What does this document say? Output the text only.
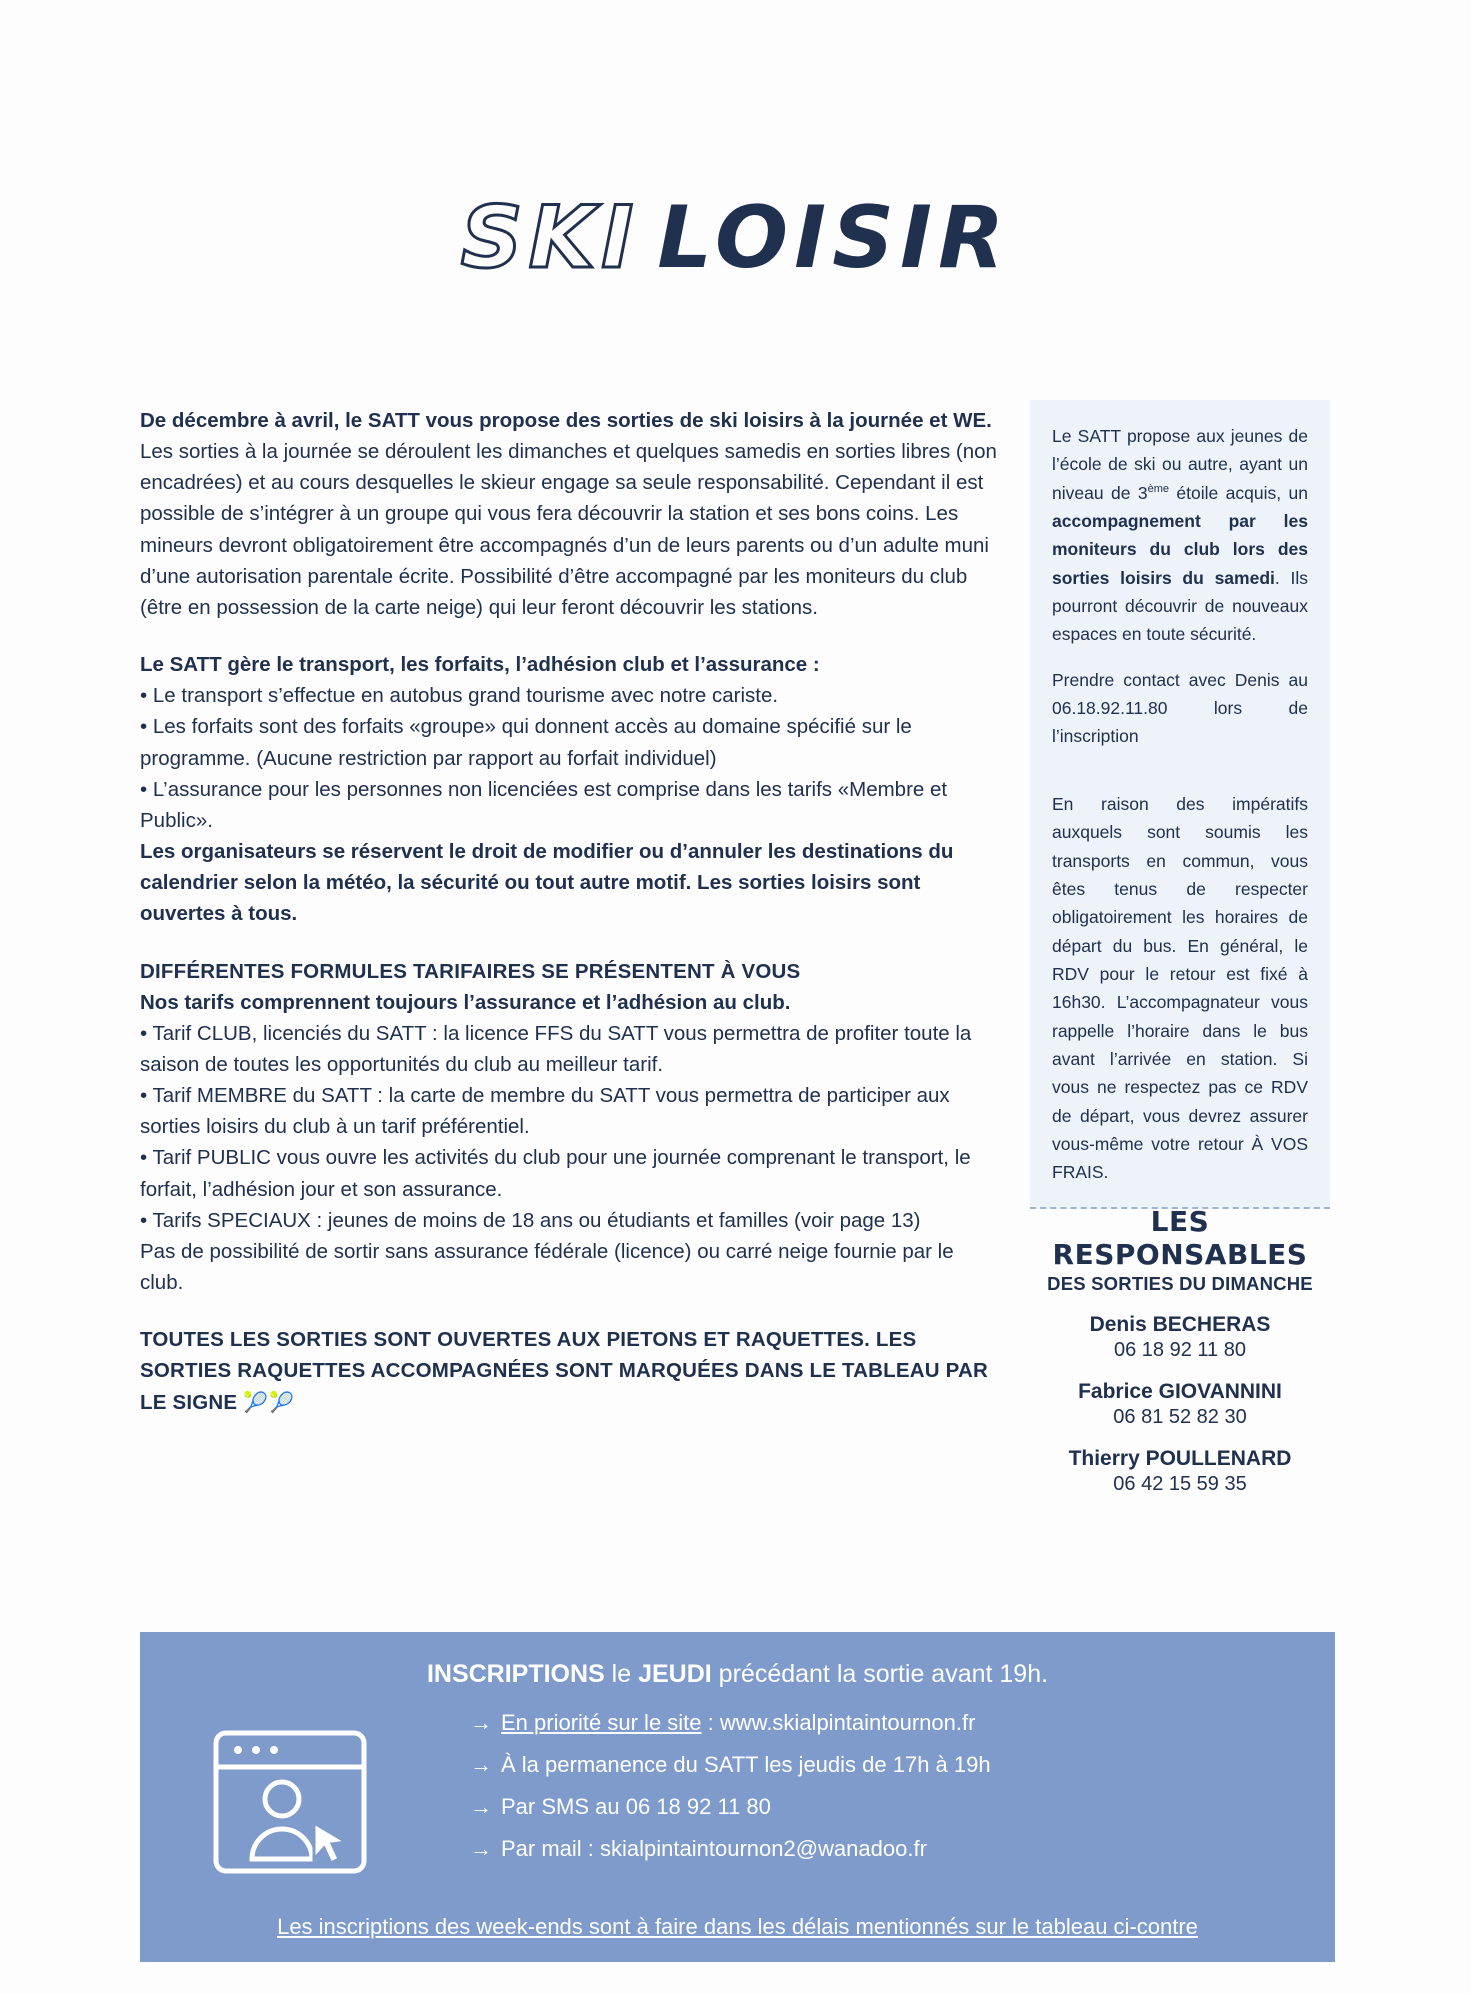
SKI LOISIR

De décembre à avril, le SATT vous propose des sorties de ski loisirs à la journée et WE.

Les sorties à la journée se déroulent les dimanches et quelques samedis en sorties libres (non encadrées) et au cours desquelles le skieur engage sa seule responsabilité. Cependant il est possible de s’intégrer à un groupe qui vous fera découvrir la station et ses bons coins. Les mineurs devront obligatoirement être accompagnés d’un de leurs parents ou d’un adulte muni d’une autorisation parentale écrite. Possibilité d’être accompagné par les moniteurs du club (être en possession de la carte neige) qui leur feront découvrir les stations.

Le SATT gère le transport, les forfaits, l’adhésion club et l’assurance :

• Le transport s’effectue en autobus grand tourisme avec notre cariste.

• Les forfaits sont des forfaits «groupe» qui donnent accès au domaine spécifié sur le programme. (Aucune restriction par rapport au forfait individuel)

• L’assurance pour les personnes non licenciées est comprise dans les tarifs «Membre et Public».

Les organisateurs se réservent le droit de modifier ou d’annuler les destinations du calendrier selon la météo, la sécurité ou tout autre motif. Les sorties loisirs sont ouvertes à tous.

DIFFÉRENTES FORMULES TARIFAIRES SE PRÉSENTENT À VOUS

Nos tarifs comprennent toujours l’assurance et l’adhésion au club.

• Tarif CLUB, licenciés du SATT : la licence FFS du SATT vous permettra de profiter toute la saison de toutes les opportunités du club au meilleur tarif.

• Tarif MEMBRE du SATT : la carte de membre du SATT vous permettra de participer aux sorties loisirs du club à un tarif préférentiel.

• Tarif PUBLIC vous ouvre les activités du club pour une journée comprenant le transport, le forfait, l’adhésion jour et son assurance.

• Tarifs SPECIAUX : jeunes de moins de 18 ans ou étudiants et familles (voir page 13)

Pas de possibilité de sortir sans assurance fédérale (licence) ou carré neige fournie par le club.

TOUTES LES SORTIES SONT OUVERTES AUX PIETONS ET RAQUETTES. LES SORTIES RAQUETTES ACCOMPAGNÉES SONT MARQUÉES DANS LE TABLEAU PAR LE SIGNE 🎾🎾

Le SATT propose aux jeunes de l’école de ski ou autre, ayant un niveau de 3ème étoile acquis, un accompagnement par les moniteurs du club lors des sorties loisirs du samedi. Ils pourront découvrir de nouveaux espaces en toute sécurité.

Prendre contact avec Denis au 06.18.92.11.80 lors de l’inscription

En raison des impératifs auxquels sont soumis les transports en commun, vous êtes tenus de respecter obligatoirement les horaires de départ du bus. En général, le RDV pour le retour est fixé à 16h30. L’accompagnateur vous rappelle l’horaire dans le bus avant l’arrivée en station. Si vous ne respectez pas ce RDV de départ, vous devrez assurer vous-même votre retour À VOS FRAIS.

LES RESPONSABLES
DES SORTIES DU DIMANCHE
Denis BECHERAS
06 18 92 11 80
Fabrice GIOVANNINI
06 81 52 82 30
Thierry POULLENARD
06 42 15 59 35
INSCRIPTIONS le JEUDI précédant la sortie avant 19h.
→ En priorité sur le site : www.skialpintaintournon.fr
→ À la permanence du SATT les jeudis de 17h à 19h
→ Par SMS au 06 18 92 11 80
→ Par mail : skialpintaintournon2@wanadoo.fr
Les inscriptions des week-ends sont à faire dans les délais mentionnés sur le tableau ci-contre
